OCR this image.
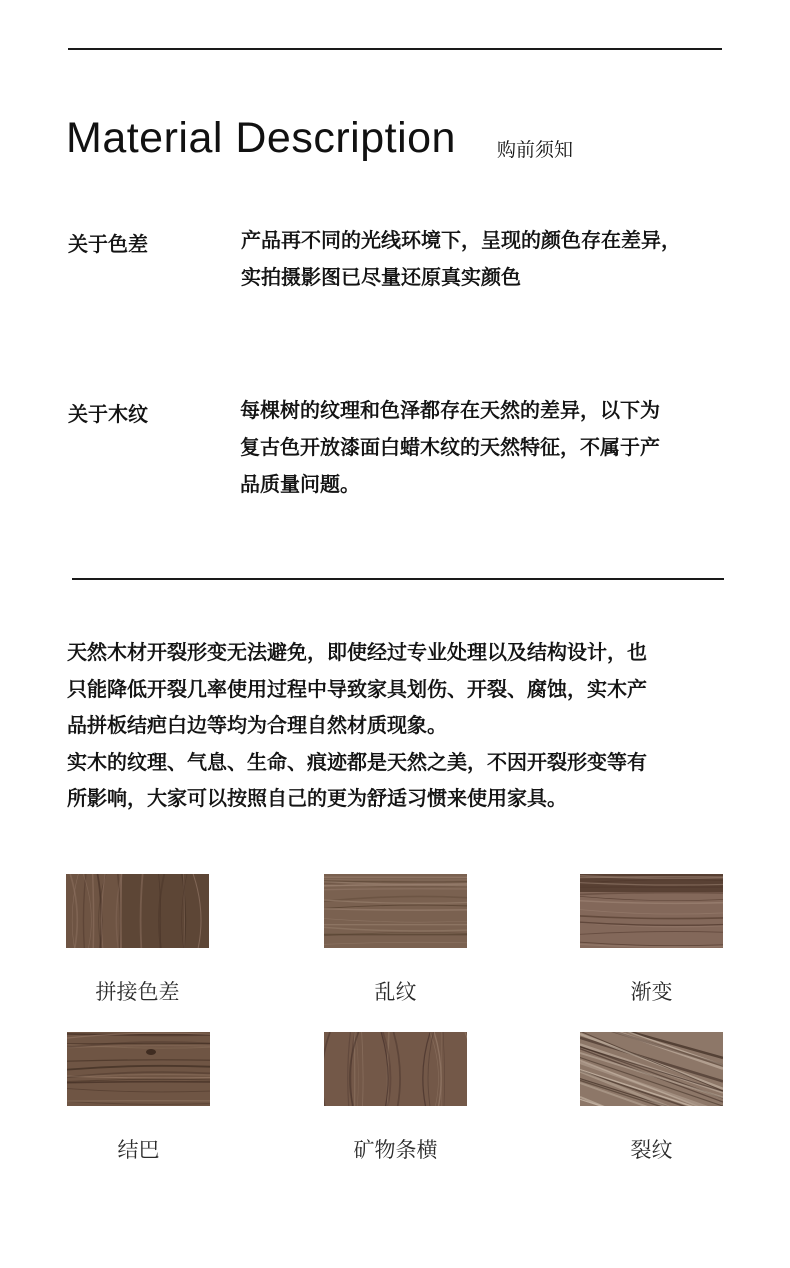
Material Description 购前须知
关于色差	产品再不同的光线环境下，呈现的颜色存在差异，
实拍摄影图已尽量还原真实颜色
关于木纹	每棵树的纹理和色泽都存在天然的差异，以下为
复古色开放漆面白蜡木纹的天然特征，不属于产
品质量问题。
天然木材开裂形变无法避免，即使经过专业处理以及结构设计，也
只能降低开裂几率使用过程中导致家具划伤、开裂、腐蚀，实木产
品拼板结疤白边等均为合理自然材质现象。
实木的纹理、气息、生命、痕迹都是天然之美，不因开裂形变等有
所影响，大家可以按照自己的更为舒适习惯来使用家具。
拼接色差	乱纹	渐变
结巴	矿物条横	裂纹
